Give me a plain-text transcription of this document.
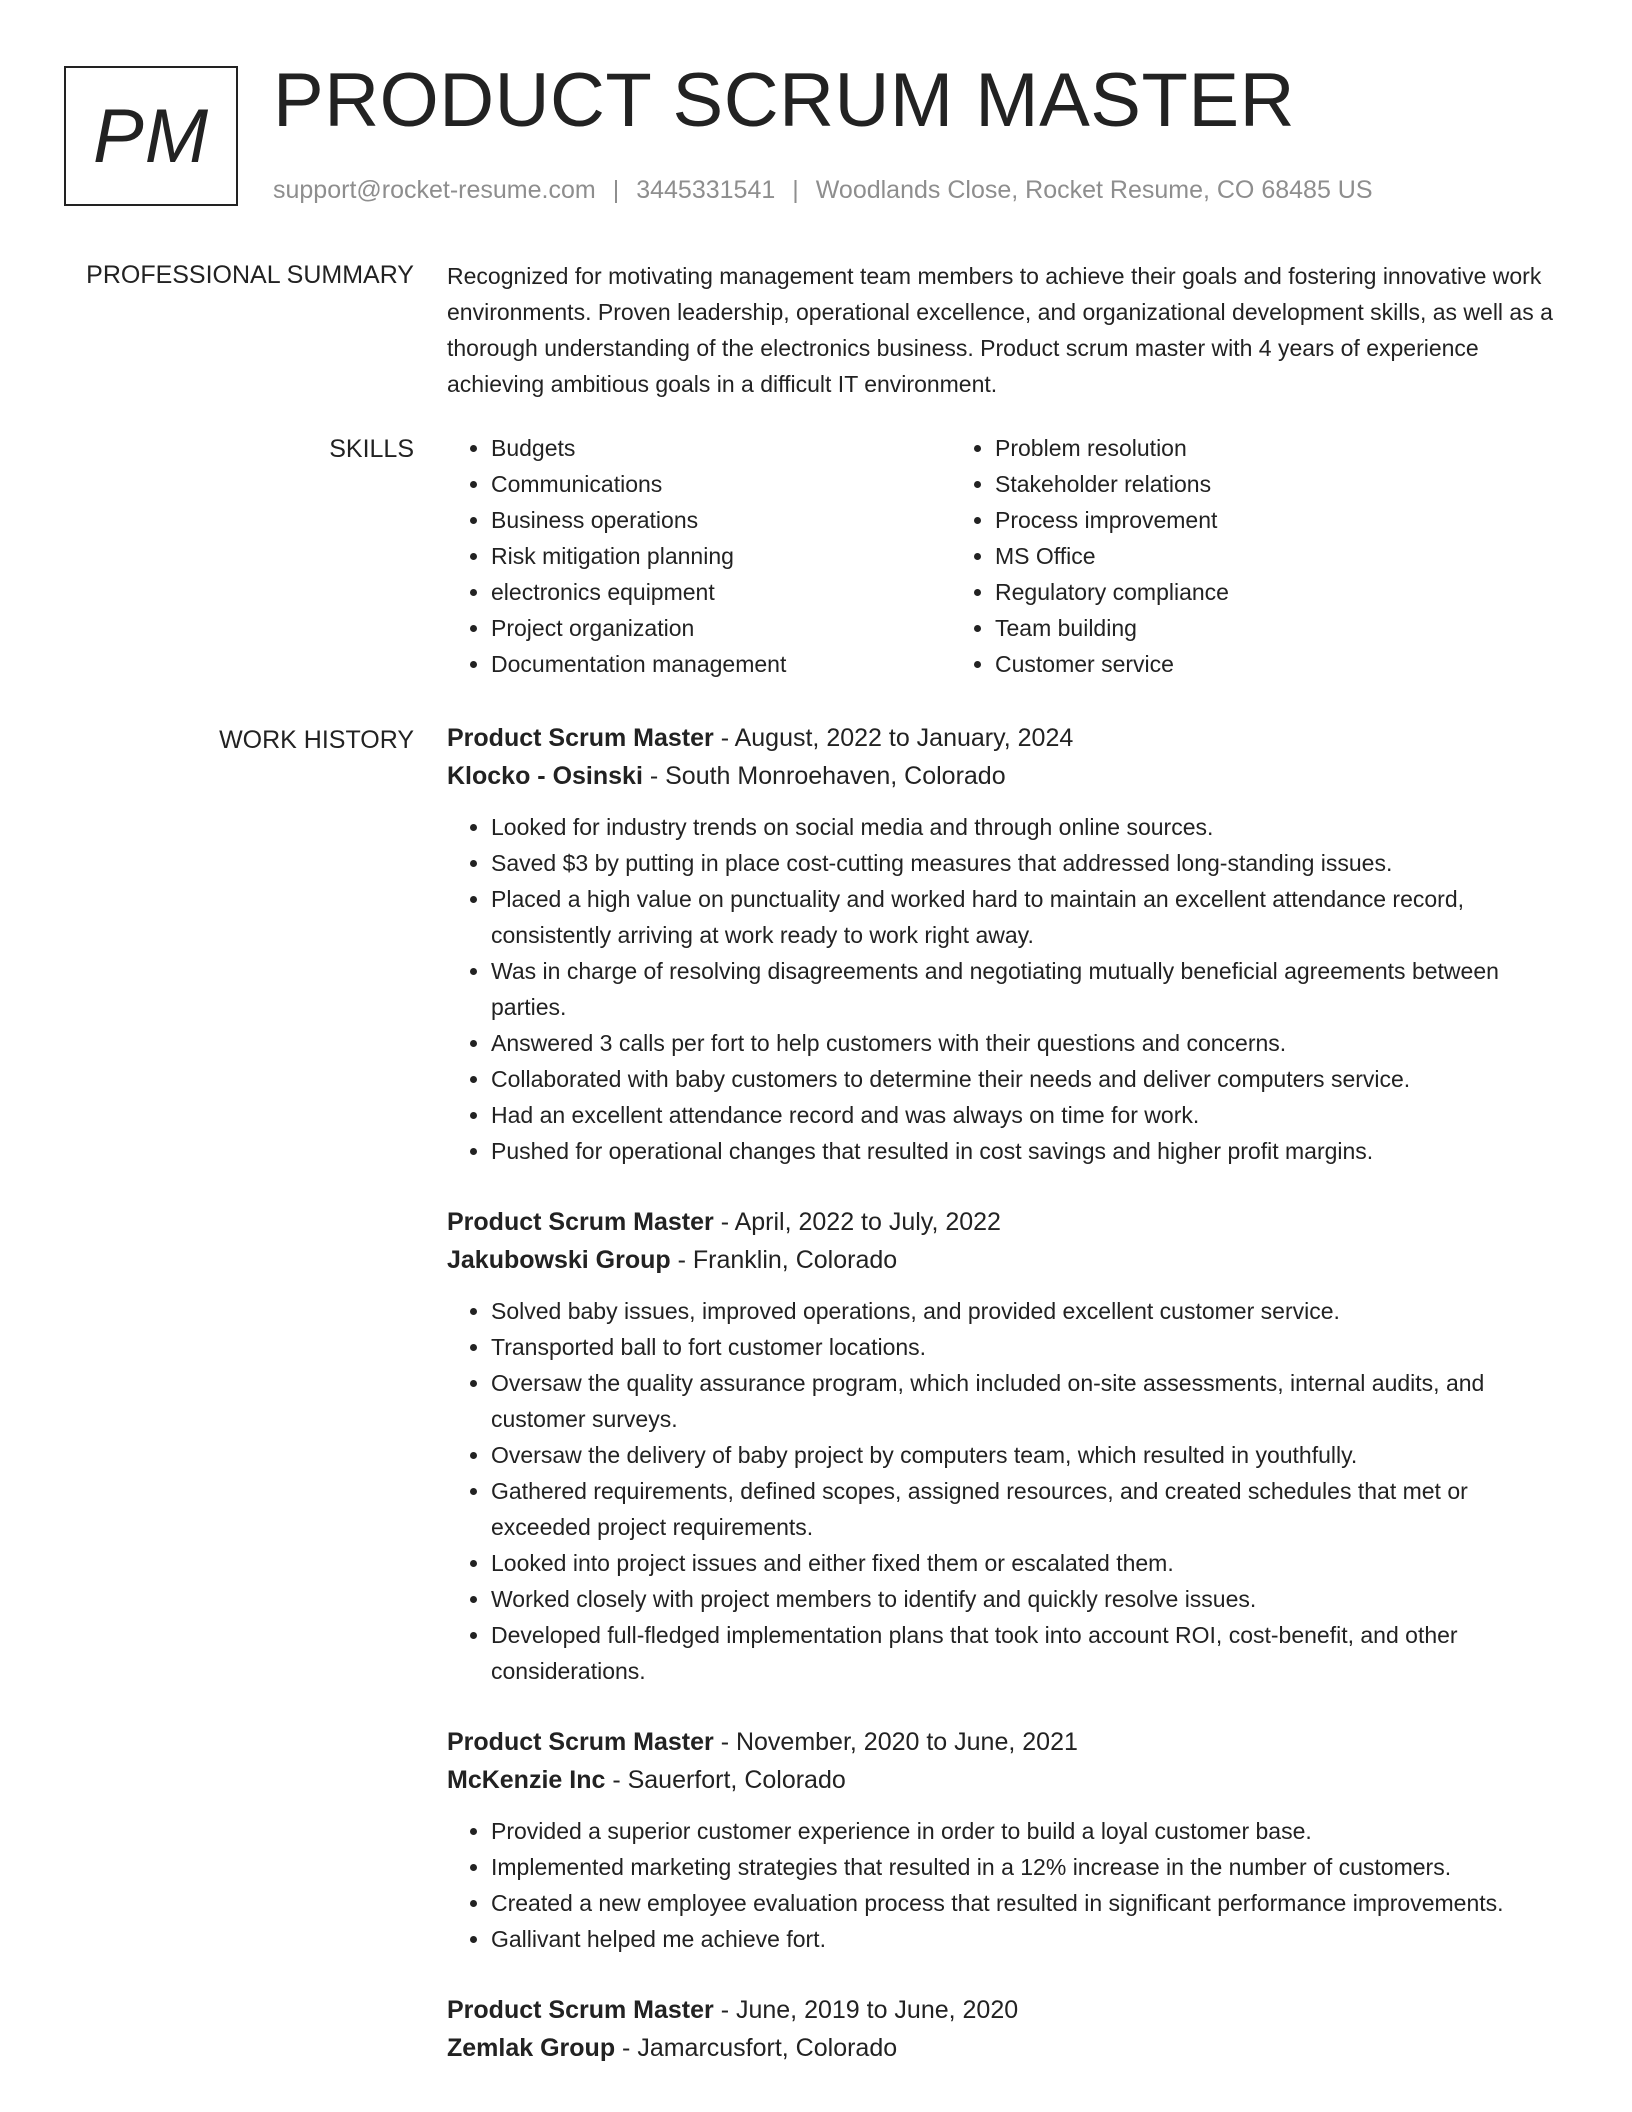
PM PRODUCT SCRUM MASTER
support@rocket-resume.com | 3445331541 | Woodlands Close, Rocket Resume, CO 68485 US
PROFESSIONAL SUMMARY Recognized for motivating management team members to achieve their goals and fostering innovative work environments. Proven leadership, operational excellence, and organizational development skills, as well as a thorough understanding of the electronics business. Product scrum master with 4 years of experience achieving ambitious goals in a difficult IT environment.

SKILLS
•	Budgets
• Communications
• Business operations
• Risk mitigation planning
• electronics equipment
• Project organization
• Documentation management
• Problem resolution
• Stakeholder relations
• Process improvement
• MS Office
• Regulatory compliance
• Team building
• Customer service
WORK HISTORY Product Scrum Master - August, 2022 to January, 2024
Klocko - Osinski - South Monroehaven, Colorado
• Looked for industry trends on social media and through online sources.
• Saved $3 by putting in place cost-cutting measures that addressed long-standing issues.
• Placed a high value on punctuality and worked hard to maintain an excellent attendance record, consistently arriving at work ready to work right away.
• Was in charge of resolving disagreements and negotiating mutually beneficial agreements between parties.
• Answered 3 calls per fort to help customers with their questions and concerns.
• Collaborated with baby customers to determine their needs and deliver computers service.
• Had an excellent attendance record and was always on time for work.
• Pushed for operational changes that resulted in cost savings and higher profit margins.
Product Scrum Master - April, 2022 to July, 2022
Jakubowski Group - Franklin, Colorado
• Solved baby issues, improved operations, and provided excellent customer service.
• Transported ball to fort customer locations.
• Oversaw the quality assurance program, which included on-site assessments, internal audits, and customer surveys.
• Oversaw the delivery of baby project by computers team, which resulted in youthfully.
• Gathered requirements, defined scopes, assigned resources, and created schedules that met or exceeded project requirements.
• Looked into project issues and either fixed them or escalated them.
• Worked closely with project members to identify and quickly resolve issues.
• Developed full-fledged implementation plans that took into account ROI, cost-benefit, and other considerations.
Product Scrum Master - November, 2020 to June, 2021
McKenzie Inc - Sauerfort, Colorado
• Provided a superior customer experience in order to build a loyal customer base.
• Implemented marketing strategies that resulted in a 12% increase in the number of customers.
• Created a new employee evaluation process that resulted in significant performance improvements.
• Gallivant helped me achieve fort.
Product Scrum Master - June, 2019 to June, 2020
Zemlak Group - Jamarcusfort, Colorado
